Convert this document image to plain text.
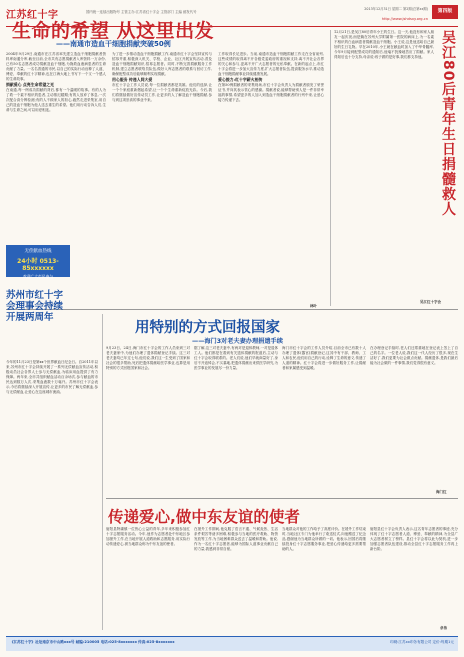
江苏红十字	国内统一连续出版物号 主管主办:江苏省红十字会 主管部门 主编 邮发代号
2013年12月31日 星期二 第2期(总第xx期)
http://www.jshdsxy.org.cn
第四版
生命的希望 从这里出发
——南通市造血干细胞捐献突破50例
2004年9月29日,南通市在江苏省率先建立造血干细胞捐献者资料库南通分库,截至目前,全市共有志愿捐献者入库资料一万余份,已有50名志愿者成功捐献造血干细胞,为挽救血液病患者的生命贡献了力量。一名名普通的市民,以自己的实际行动诠释了人道、博爱、奉献的红十字精神,也在江海大地上书写下一个又一个感人的生命故事。
捐献爱心 点亮生命希望之光
在南通,每一例成功捐献的背后,都有一个温暖的故事。有的人为了救一个素不相识的患者,主动推迟婚期;有的人放弃了休息,一次次配合高分辨检测;有的人不顾家人的担心,毅然走进采集室,用自己的造血干细胞为他人送去重生的希望。他们用行动告诉人们,生命与生命之间,可以用爱相连。
为了进一步推动造血干细胞捐献工作,南通市红十字会坚持宣传与招募并重,积极深入机关、学校、企业、社区开展宣传活动,普及造血干细胞捐献知识,招募志愿者。同时,不断完善捐献服务工作机制,建立志愿者联络员队伍,做好入库志愿者的联系与回访工作,确保配型成功后能够顺利实现捐献。
用心服务 传递人间大爱
市红十字会工作人员说,每一位捐献者都是英雄。他们的选择,让一个个家庭重新燃起希望,让一个个生命重新绽放光彩。今后,我们将继续做好宣传动员工作,让更多的人了解造血干细胞捐献,参与到这项崇高的事业中来。
工作取得长足进步。当前,南通市造血干细胞捐献工作走在全省前列,这些成绩的取得离不开各级党委政府的重视和支持,离不开社会各界的关心和参与,更离不开广大志愿者的无私奉献。在新的起点上,市红十字会将进一步加大宣传力度,扩大志愿者队伍,提高服务水平,推动造血干细胞捐献事业持续健康发展。
爱心接力:红十字薪火相传
在第50例捐献者的采集现场,市红十字会负责人为捐献者颁发了荣誉证书,并向其表示衷心的感谢。捐献者说,能够帮助别人是一件非常幸福的事情,希望更多的人加入到造血干细胞捐献者的行列中来,让爱心接力传递下去。
林叶
12月21日,是吴江80后青年小王的生日。这一天,他没有和家人朋友一起庆祝,而是躺在苏州大学附属第一医院的病床上,为一名素不相识的白血病患者捐献造血干细胞。小王说,这是他送给自己最好的生日礼物。早在2010年,小王就在献血时加入了中华骨髓库,今年9月接到配型成功的通知后,他毫不犹豫地答应了捐献。家人得知后也十分支持,母亲说:孩子做的是好事,我们都支持他。	吴江80后青年生日捐髓救人
吴江红十字会
无偿献血热线
24小时 0513-85xxxxxx
欢迎广大市民参与
苏州市红十字会理事会持续开展两周年
今年的11月23日是第xx个世界献血日纪念日。自2011年以来,苏州市红十字会持续开展了一系列无偿献血宣传活动,积极动员社会各界人士参与无偿献血,为临床用血提供了有力保障。两年来,全市共组织献血活动百余场次,参与献血的市民达到数万人次,采集血液数十万毫升。苏州市红十字会表示,今后将继续深入开展宣传,让更多的市民了解无偿献血,参与无偿献血,让爱心在这座城市流淌。
用特别的方式回报国家
——海门3对老夫妻办理捐遗手续
9月23日、24日,海门市红十字会的工作人员来到三对老夫妻家中,为他们办理了遗体捐献登记手续。这三对老夫妻均已年过七旬,他们说,我们这一生受到了国家和社会的很多帮助,死后把遗体捐献给医学事业,也算是用特别的方式回报国家和社会。
据了解,这三对老夫妻中,有两对是退休教师,一对是退休工人。他们都是在看到有关遗体捐献的报道后,主动与红十字会取得联系的。老人们说,他们早就商量好了,身后不开追悼会,不买墓地,把遗体捐献出来供医学研究,为医学事业的发展尽一份力量。
海门市红十字会的工作人员介绍,目前全市已有数十人办理了遗体(器官)捐献登记,这其中有干部、教师、工人和农民,他们用自己的行动,诠释了生命的意义,传递了人道的精神。红十字会将进一步做好服务工作,让捐献者和家属感受到温暖。
在办理登记手续时,老人们还郑重地在登记表上签上了自己的名字。一位老人说,我们这一代人经历了很多,现在生活好了,我们更要为社会做点贡献。捐献遗体,是我们最后能为社会做的一件事情,我们觉得很有意义。
海门红
传递爱心,做中东友谊的使者
射阳县特庸镇一位热心公益的青年,多年来积极参加红十字志愿服务活动。今年,他作为志愿者赴中东地区参加援外工作,在当地开展人道救助和志愿服务,用实际行动传递爱心,被当地群众称为中东友谊的使者。
在援外工作期间,他克服了语言不通、气候炎热、生活条件艰苦等诸多困难,积极参与当地的医疗救助、物资发放等工作,为当地困难群众送去了温暖和帮助。他说,作为一名红十字志愿者,能够为国际人道事业贡献自己的力量,我感到非常自豪。
当地群众对他的工作给予了高度评价。在援外工作结束时,当地社区专门为他举行了欢送仪式,向他赠送了纪念品,感谢他为当地群众所做的一切。他表示,回国后将继续投身红十字志愿服务事业,把爱心传递给更多需要帮助的人。
射阳县红十字会负责人表示,这名青年志愿者的事迹,充分体现了红十字志愿者人道、博爱、奉献的精神,为全县广大志愿者树立了榜样。县红十字会将以此为契机,进一步加强志愿者队伍建设,推动全县红十字志愿服务工作再上新台阶。
卓伟
《江苏红十字》社址南京市中山路xxx号 邮编:210005 电话:025-8xxxxxxx 传真:025-8xxxxxxx	印刷:江苏xx印务有限公司 定价:每期1元
